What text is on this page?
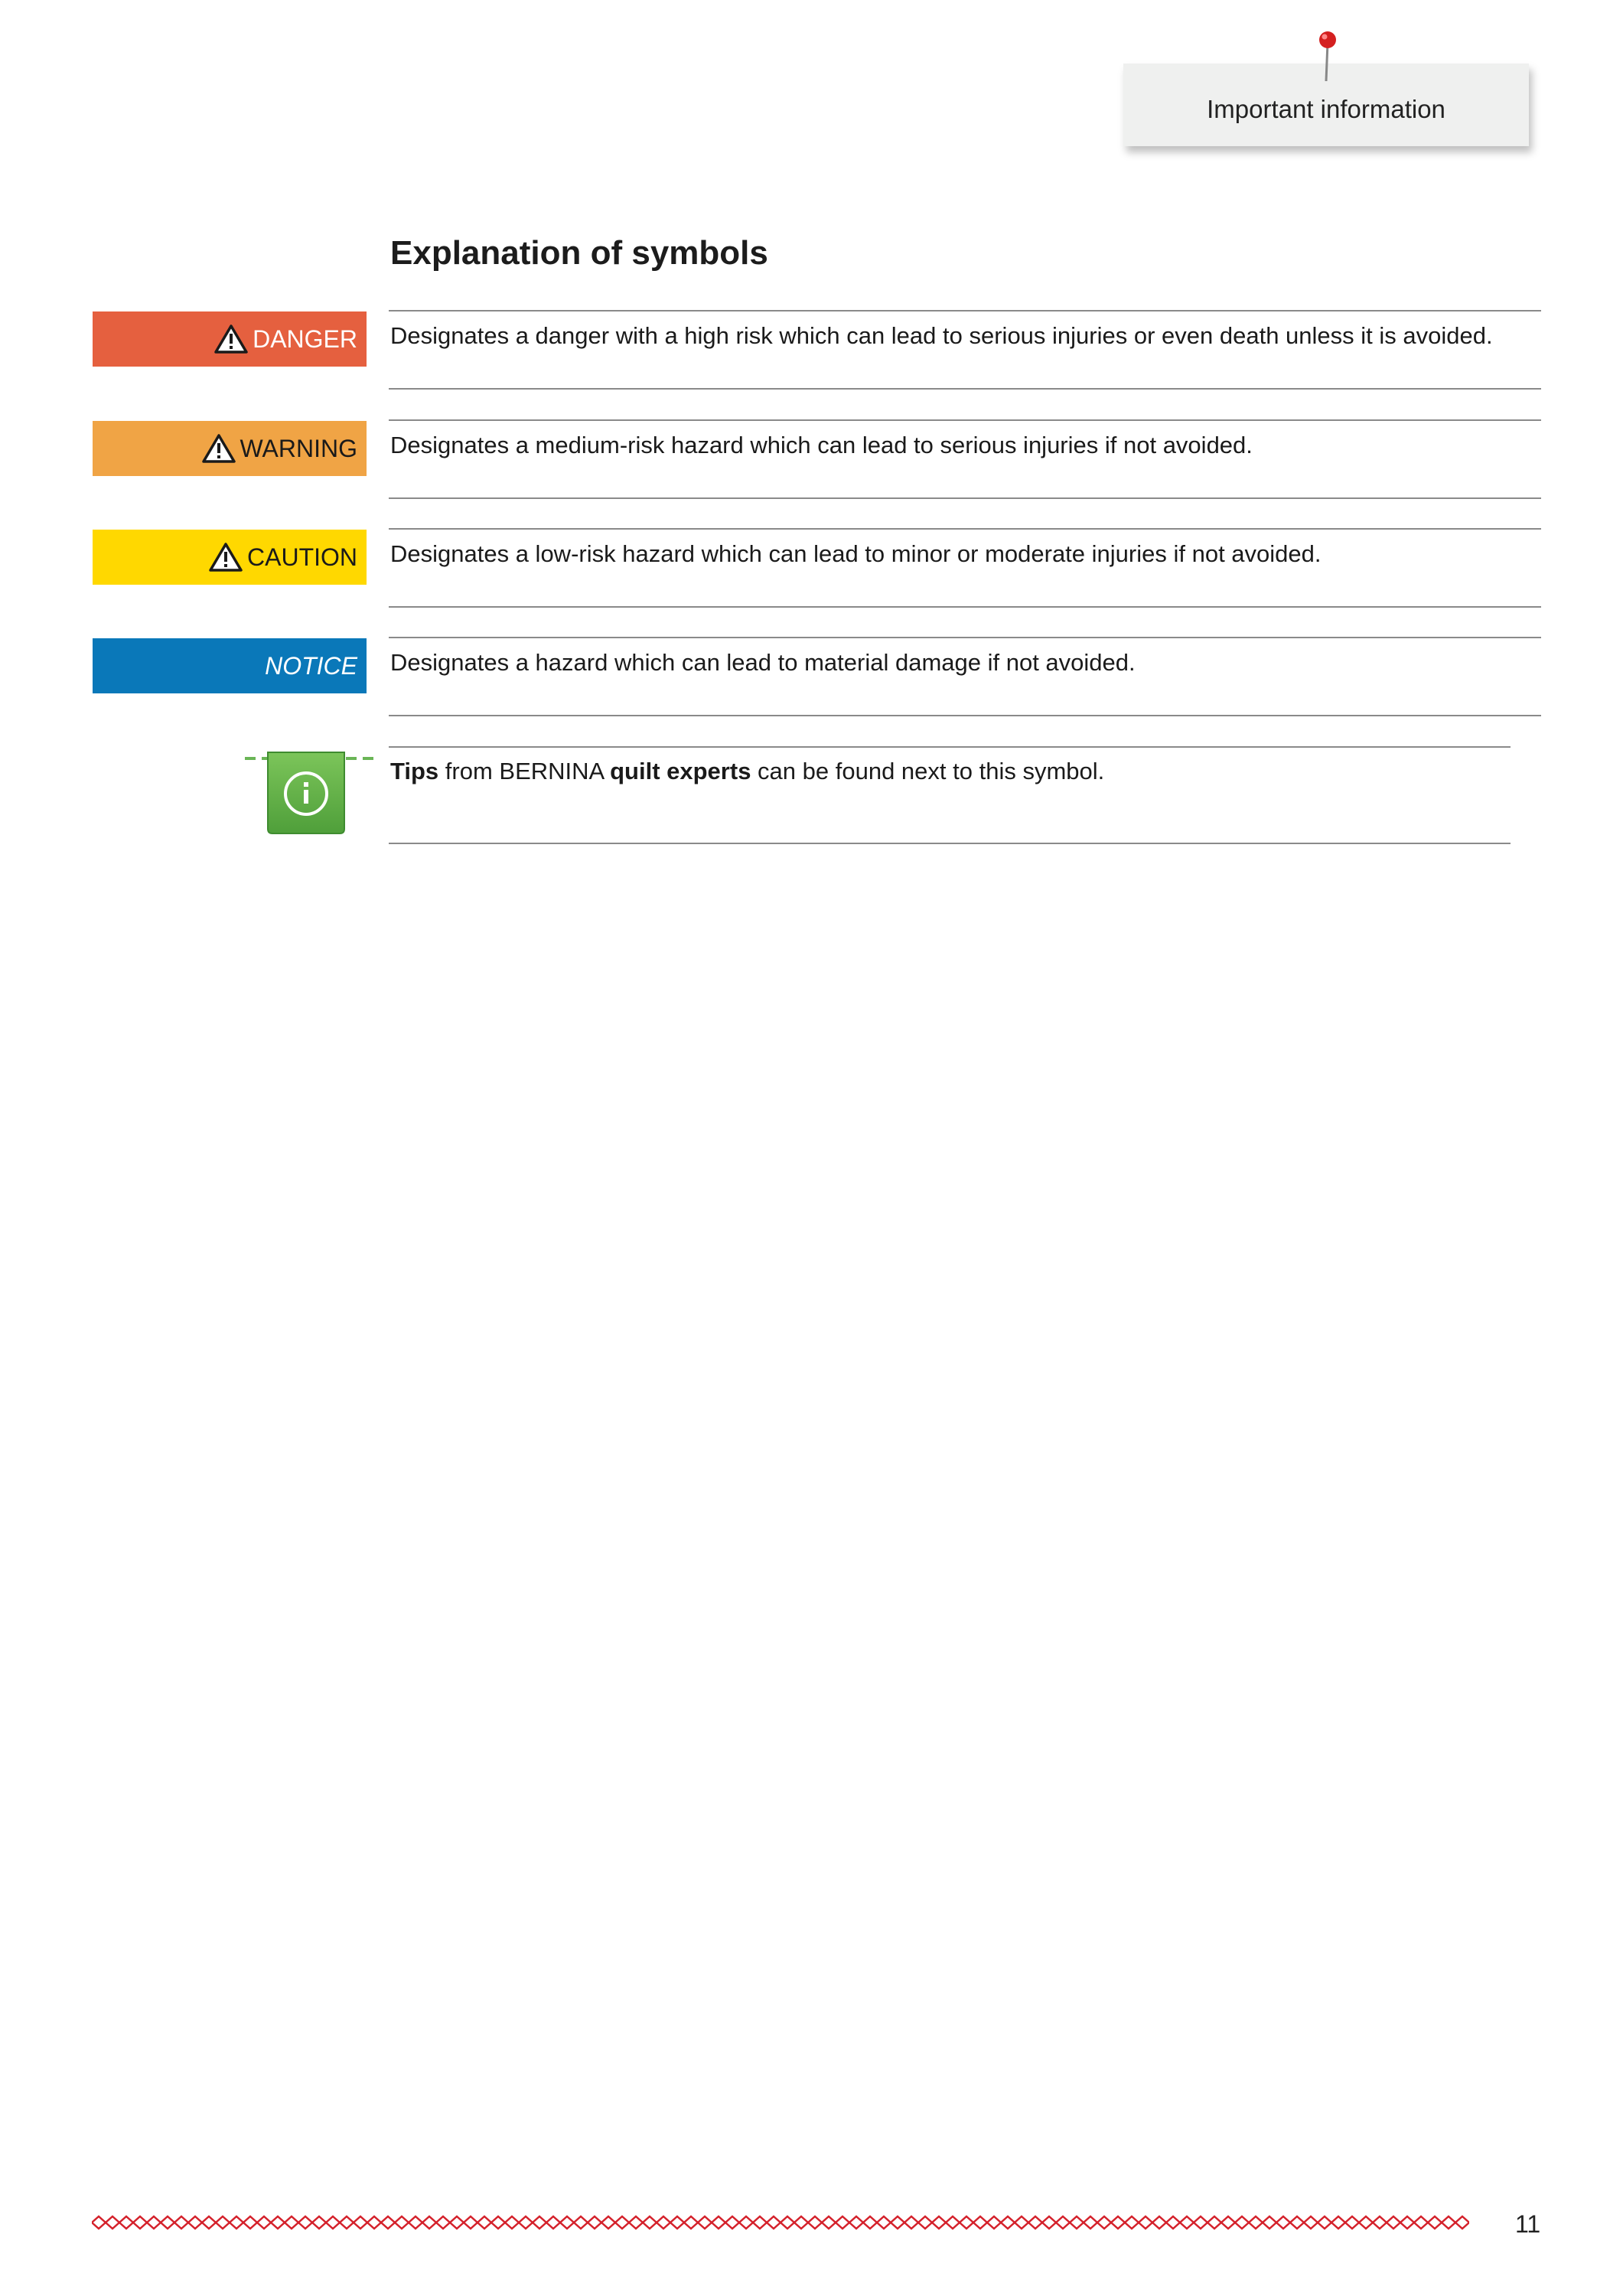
Important information
Explanation of symbols
DANGER Designates a danger with a high risk which can lead to serious injuries or even death unless it is avoided.
WARNING Designates a medium-risk hazard which can lead to serious injuries if not avoided.
CAUTION Designates a low-risk hazard which can lead to minor or moderate injuries if not avoided.
NOTICE Designates a hazard which can lead to material damage if not avoided.
Tips from BERNINA quilt experts can be found next to this symbol.
11
